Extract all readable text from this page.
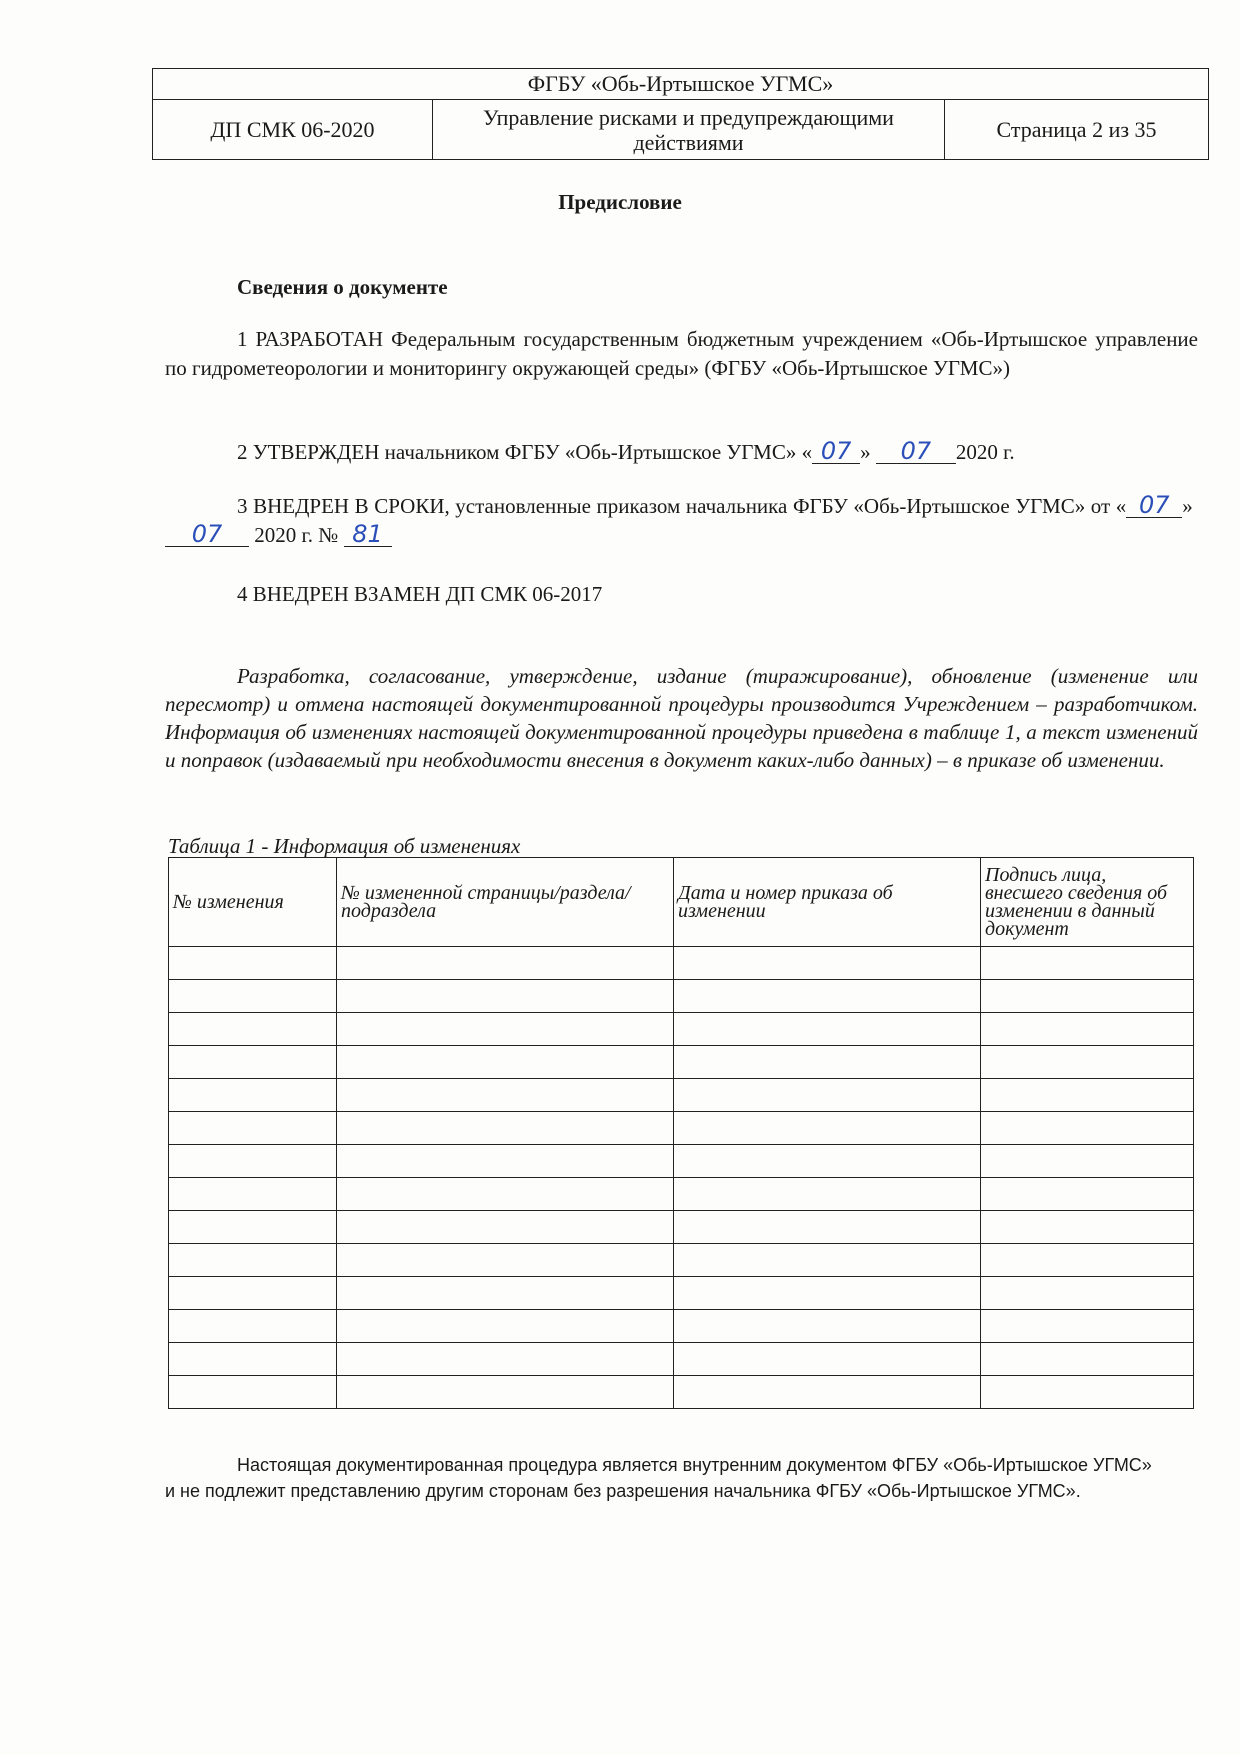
ФГБУ «Обь-Иртышское УГМС»
ДП СМК 06-2020	Управление рисками и предупреждающими действиями	Страница 2 из 35
Предисловие
Сведения о документе
1 РАЗРАБОТАН Федеральным государственным бюджетным учреждением «Обь-Иртышское управление по гидрометеорологии и мониторингу окружающей среды» (ФГБУ «Обь-Иртышское УГМС»)
2 УТВЕРЖДЕН начальником ФГБУ «Обь-Иртышское УГМС» « 07 » 07 2020 г.
3 ВНЕДРЕН В СРОКИ, установленные приказом начальника ФГБУ «Обь-Иртышское УГМС» от « 07 » 07 2020 г. № 81
4 ВНЕДРЕН ВЗАМЕН ДП СМК 06-2017
Разработка, согласование, утверждение, издание (тиражирование), обновление (изменение или пересмотр) и отмена настоящей документированной процедуры производится Учреждением – разработчиком. Информация об изменениях настоящей документированной процедуры приведена в таблице 1, а текст изменений и поправок (издаваемый при необходимости внесения в документ каких-либо данных) – в приказе об изменении.
Таблица 1 - Информация об изменениях
№ изменения	№ измененной страницы/раздела/подраздела	Дата и номер приказа об изменении	Подпись лица, внесшего сведения об изменении в данный документ

Настоящая документированная процедура является внутренним документом ФГБУ «Обь-Иртышское УГМС»
и не подлежит представлению другим сторонам без разрешения начальника ФГБУ «Обь-Иртышское УГМС».
